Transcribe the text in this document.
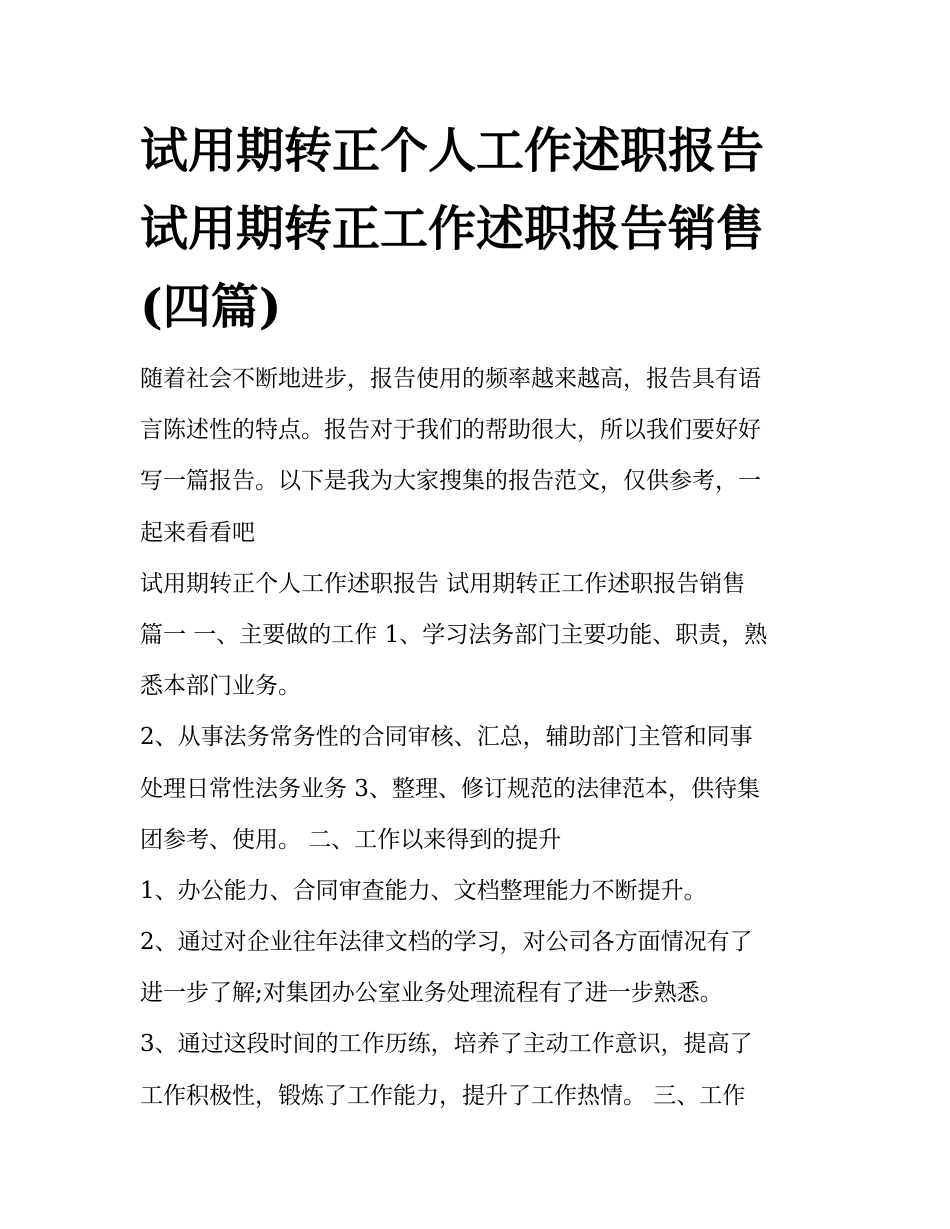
试用期转正个人工作述职报告
试用期转正工作述职报告销售
(四篇)
随着社会不断地进步，报告使用的频率越来越高，报告具有语
言陈述性的特点。报告对于我们的帮助很大，所以我们要好好
写一篇报告。以下是我为大家搜集的报告范文，仅供参考，一
起来看看吧
试用期转正个人工作述职报告 试用期转正工作述职报告销售
篇一 一、主要做的工作 1、学习法务部门主要功能、职责，熟
悉本部门业务。
2、从事法务常务性的合同审核、汇总，辅助部门主管和同事
处理日常性法务业务 3、整理、修订规范的法律范本，供待集
团参考、使用。 二、工作以来得到的提升
1、办公能力、合同审查能力、文档整理能力不断提升。
2、通过对企业往年法律文档的学习，对公司各方面情况有了
进一步了解;对集团办公室业务处理流程有了进一步熟悉。
3、通过这段时间的工作历练，培养了主动工作意识，提高了
工作积极性，锻炼了工作能力，提升了工作热情。 三、工作
